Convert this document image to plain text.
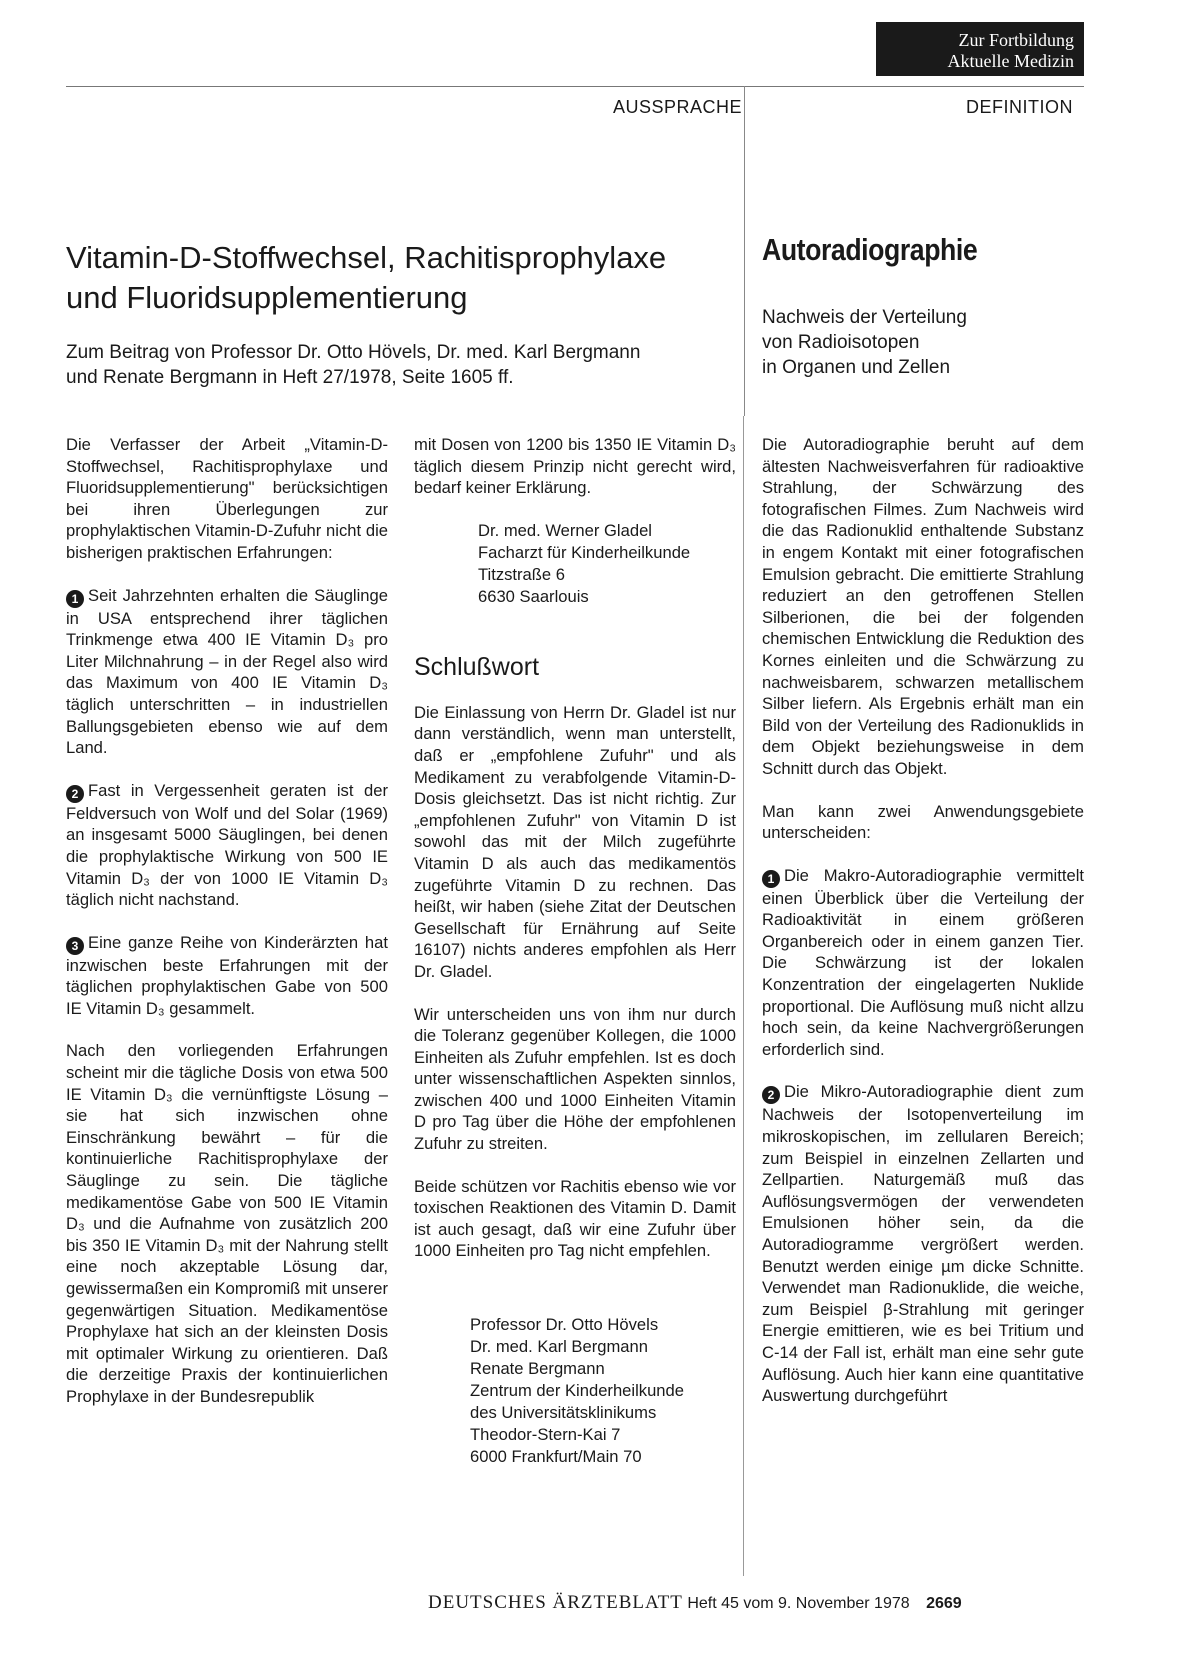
Zur Fortbildung
Aktuelle Medizin
AUSSPRACHE	DEFINITION
Vitamin-D-Stoffwechsel, Rachitisprophylaxe
und Fluoridsupplementierung
Zum Beitrag von Professor Dr. Otto Hövels, Dr. med. Karl Bergmann
und Renate Bergmann in Heft 27/1978, Seite 1605 ff.
Autoradiographie
Nachweis der Verteilung
von Radioisotopen
in Organen und Zellen

Die Verfasser der Arbeit „Vitamin-D-Stoffwechsel, Rachitisprophylaxe und Fluoridsupplementierung" berücksichtigen bei ihren Überlegungen zur prophylaktischen Vitamin-D-Zufuhr nicht die bisherigen praktischen Erfahrungen:

1 Seit Jahrzehnten erhalten die Säuglinge in USA entsprechend ihrer täglichen Trinkmenge etwa 400 IE Vitamin D₃ pro Liter Milchnahrung – in der Regel also wird das Maximum von 400 IE Vitamin D₃ täglich unterschritten – in industriellen Ballungsgebieten ebenso wie auf dem Land.

2 Fast in Vergessenheit geraten ist der Feldversuch von Wolf und del Solar (1969) an insgesamt 5000 Säuglingen, bei denen die prophylaktische Wirkung von 500 IE Vitamin D₃ der von 1000 IE Vitamin D₃ täglich nicht nachstand.

3 Eine ganze Reihe von Kinderärzten hat inzwischen beste Erfahrungen mit der täglichen prophylaktischen Gabe von 500 IE Vitamin D₃ gesammelt.

Nach den vorliegenden Erfahrungen scheint mir die tägliche Dosis von etwa 500 IE Vitamin D₃ die vernünftigste Lösung – sie hat sich inzwischen ohne Einschränkung bewährt – für die kontinuierliche Rachitisprophylaxe der Säuglinge zu sein. Die tägliche medikamentöse Gabe von 500 IE Vitamin D₃ und die Aufnahme von zusätzlich 200 bis 350 IE Vitamin D₃ mit der Nahrung stellt eine noch akzeptable Lösung dar, gewissermaßen ein Kompromiß mit unserer gegenwärtigen Situation. Medikamentöse Prophylaxe hat sich an der kleinsten Dosis mit optimaler Wirkung zu orientieren. Daß die derzeitige Praxis der kontinuierlichen Prophylaxe in der Bundesrepublik

mit Dosen von 1200 bis 1350 IE Vitamin D₃ täglich diesem Prinzip nicht gerecht wird, bedarf keiner Erklärung.

Dr. med. Werner Gladel
Facharzt für Kinderheilkunde
Titzstraße 6
6630 Saarlouis
Schlußwort

Die Einlassung von Herrn Dr. Gladel ist nur dann verständlich, wenn man unterstellt, daß er „empfohlene Zufuhr" und als Medikament zu verabfolgende Vitamin-D-Dosis gleichsetzt. Das ist nicht richtig. Zur „empfohlenen Zufuhr" von Vitamin D ist sowohl das mit der Milch zugeführte Vitamin D als auch das medikamentös zugeführte Vitamin D zu rechnen. Das heißt, wir haben (siehe Zitat der Deutschen Gesellschaft für Ernährung auf Seite 16107) nichts anderes empfohlen als Herr Dr. Gladel.

Wir unterscheiden uns von ihm nur durch die Toleranz gegenüber Kollegen, die 1000 Einheiten als Zufuhr empfehlen. Ist es doch unter wissenschaftlichen Aspekten sinnlos, zwischen 400 und 1000 Einheiten Vitamin D pro Tag über die Höhe der empfohlenen Zufuhr zu streiten.

Beide schützen vor Rachitis ebenso wie vor toxischen Reaktionen des Vitamin D. Damit ist auch gesagt, daß wir eine Zufuhr über 1000 Einheiten pro Tag nicht empfehlen.

Professor Dr. Otto Hövels
Dr. med. Karl Bergmann
Renate Bergmann
Zentrum der Kinderheilkunde
des Universitätsklinikums
Theodor-Stern-Kai 7
6000 Frankfurt/Main 70

Die Autoradiographie beruht auf dem ältesten Nachweisverfahren für radioaktive Strahlung, der Schwärzung des fotografischen Filmes. Zum Nachweis wird die das Radionuklid enthaltende Substanz in engem Kontakt mit einer fotografischen Emulsion gebracht. Die emittierte Strahlung reduziert an den getroffenen Stellen Silberionen, die bei der folgenden chemischen Entwicklung die Reduktion des Kornes einleiten und die Schwärzung zu nachweisbarem, schwarzen metallischem Silber liefern. Als Ergebnis erhält man ein Bild von der Verteilung des Radionuklids in dem Objekt beziehungsweise in dem Schnitt durch das Objekt.

Man kann zwei Anwendungsgebiete unterscheiden:

1 Die Makro-Autoradiographie vermittelt einen Überblick über die Verteilung der Radioaktivität in einem größeren Organbereich oder in einem ganzen Tier. Die Schwärzung ist der lokalen Konzentration der eingelagerten Nuklide proportional. Die Auflösung muß nicht allzu hoch sein, da keine Nachvergrößerungen erforderlich sind.

2 Die Mikro-Autoradiographie dient zum Nachweis der Isotopenverteilung im mikroskopischen, im zellularen Bereich; zum Beispiel in einzelnen Zellarten und Zellpartien. Naturgemäß muß das Auflösungsvermögen der verwendeten Emulsionen höher sein, da die Autoradiogramme vergrößert werden. Benutzt werden einige µm dicke Schnitte. Verwendet man Radionuklide, die weiche, zum Beispiel β-Strahlung mit geringer Energie emittieren, wie es bei Tritium und C-14 der Fall ist, erhält man eine sehr gute Auflösung. Auch hier kann eine quantitative Auswertung durchgeführt

DEUTSCHES ÄRZTEBLATT Heft 45 vom 9. November 1978 2669
